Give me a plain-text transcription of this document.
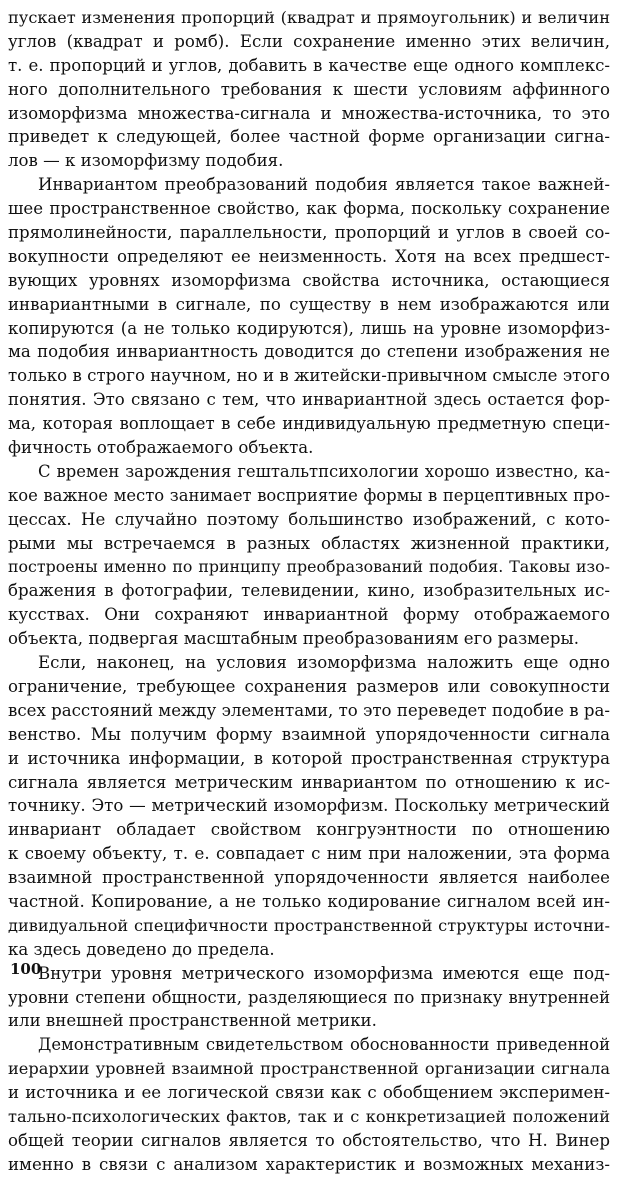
пускает изменения пропорций (квадрат и прямоугольник) и величин
углов (квадрат и ромб). Если сохранение именно этих величин,
т. е. пропорций и углов, добавить в качестве еще одного комплекс-
ного дополнительного требования к шести условиям аффинного
изоморфизма множества-сигнала и множества-источника, то это
приведет к следующей, более частной форме организации сигна-
лов — к изоморфизму подобия.
Инвариантом преобразований подобия является такое важней-
шее пространственное свойство, как форма, поскольку сохранение
прямолинейности, параллельности, пропорций и углов в своей со-
вокупности определяют ее неизменность. Хотя на всех предшест-
вующих уровнях изоморфизма свойства источника, остающиеся
инвариантными в сигнале, по существу в нем изображаются или
копируются (а не только кодируются), лишь на уровне изоморфиз-
ма подобия инвариантность доводится до степени изображения не
только в строго научном, но и в житейски-привычном смысле этого
понятия. Это связано с тем, что инвариантной здесь остается фор-
ма, которая воплощает в себе индивидуальную предметную специ-
фичность отображаемого объекта.
С времен зарождения гештальтпсихологии хорошо известно, ка-
кое важное место занимает восприятие формы в перцептивных про-
цессах. Не случайно поэтому большинство изображений, с кото-
рыми мы встречаемся в разных областях жизненной практики,
построены именно по принципу преобразований подобия. Таковы изо-
бражения в фотографии, телевидении, кино, изобразительных ис-
кусствах. Они сохраняют инвариантной форму отображаемого
объекта, подвергая масштабным преобразованиям его размеры.
Если, наконец, на условия изоморфизма наложить еще одно
ограничение, требующее сохранения размеров или совокупности
всех расстояний между элементами, то это переведет подобие в ра-
венство. Мы получим форму взаимной упорядоченности сигнала
и источника информации, в которой пространственная структура
сигнала является метрическим инвариантом по отношению к ис-
точнику. Это — метрический изоморфизм. Поскольку метрический
инвариант обладает свойством конгруэнтности по отношению
к своему объекту, т. е. совпадает с ним при наложении, эта форма
взаимной пространственной упорядоченности является наиболее
частной. Копирование, а не только кодирование сигналом всей ин-
дивидуальной специфичности пространственной структуры источни-
ка здесь доведено до предела.
Внутри уровня метрического изоморфизма имеются еще под-
уровни степени общности, разделяющиеся по признаку внутренней
или внешней пространственной метрики.
Демонстративным свидетельством обоснованности приведенной
иерархии уровней взаимной пространственной организации сигнала
и источника и ее логической связи как с обобщением эксперимен-
тально-психологических фактов, так и с конкретизацией положений
общей теории сигналов является то обстоятельство, что Н. Винер
именно в связи с анализом характеристик и возможных механиз-
100
